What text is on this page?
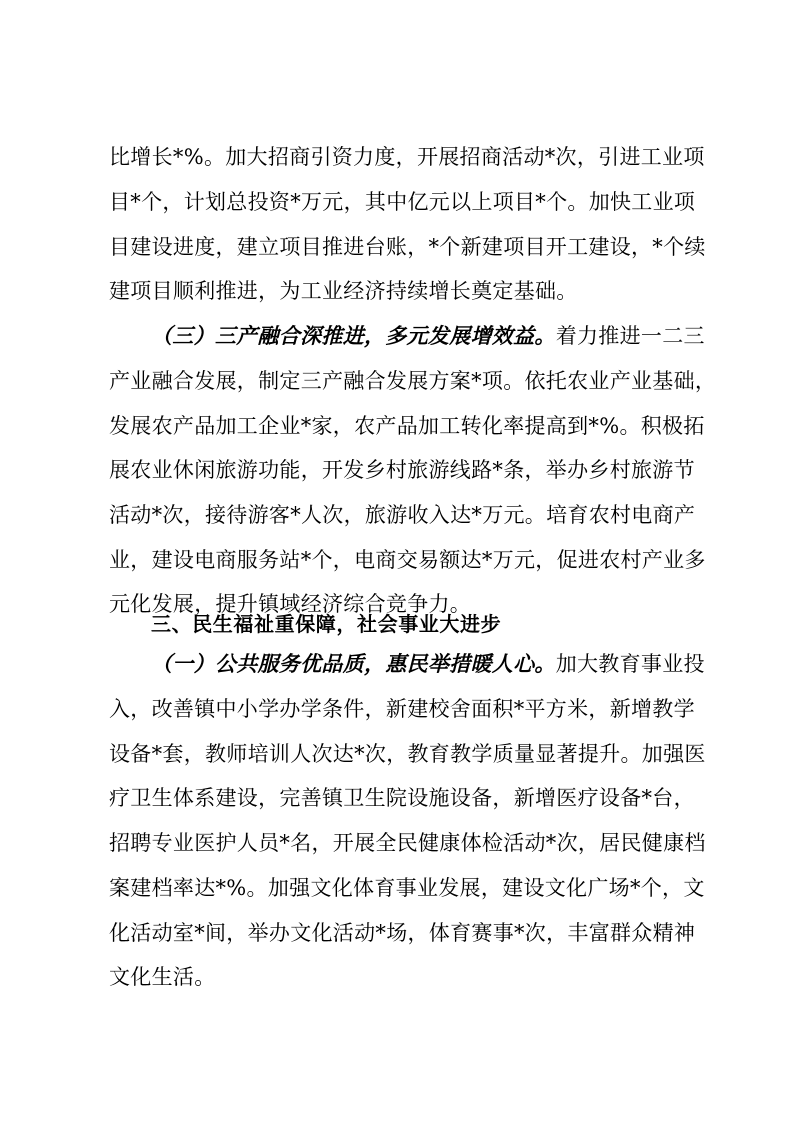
比增长*%。加大招商引资力度，开展招商活动*次，引进工业项
目*个，计划总投资*万元，其中亿元以上项目*个。加快工业项
目建设进度，建立项目推进台账，*个新建项目开工建设，*个续
建项目顺利推进，为工业经济持续增长奠定基础。
（三）三产融合深推进，多元发展增效益。着力推进一二三
产业融合发展，制定三产融合发展方案*项。依托农业产业基础，
发展农产品加工企业*家，农产品加工转化率提高到*%。积极拓
展农业休闲旅游功能，开发乡村旅游线路*条，举办乡村旅游节
活动*次，接待游客*人次，旅游收入达*万元。培育农村电商产
业，建设电商服务站*个，电商交易额达*万元，促进农村产业多
元化发展，提升镇域经济综合竞争力。
三、民生福祉重保障，社会事业大进步
（一）公共服务优品质，惠民举措暖人心。加大教育事业投
入，改善镇中小学办学条件，新建校舍面积*平方米，新增教学
设备*套，教师培训人次达*次，教育教学质量显著提升。加强医
疗卫生体系建设，完善镇卫生院设施设备，新增医疗设备*台，
招聘专业医护人员*名，开展全民健康体检活动*次，居民健康档
案建档率达*%。加强文化体育事业发展，建设文化广场*个，文
化活动室*间，举办文化活动*场，体育赛事*次，丰富群众精神
文化生活。
